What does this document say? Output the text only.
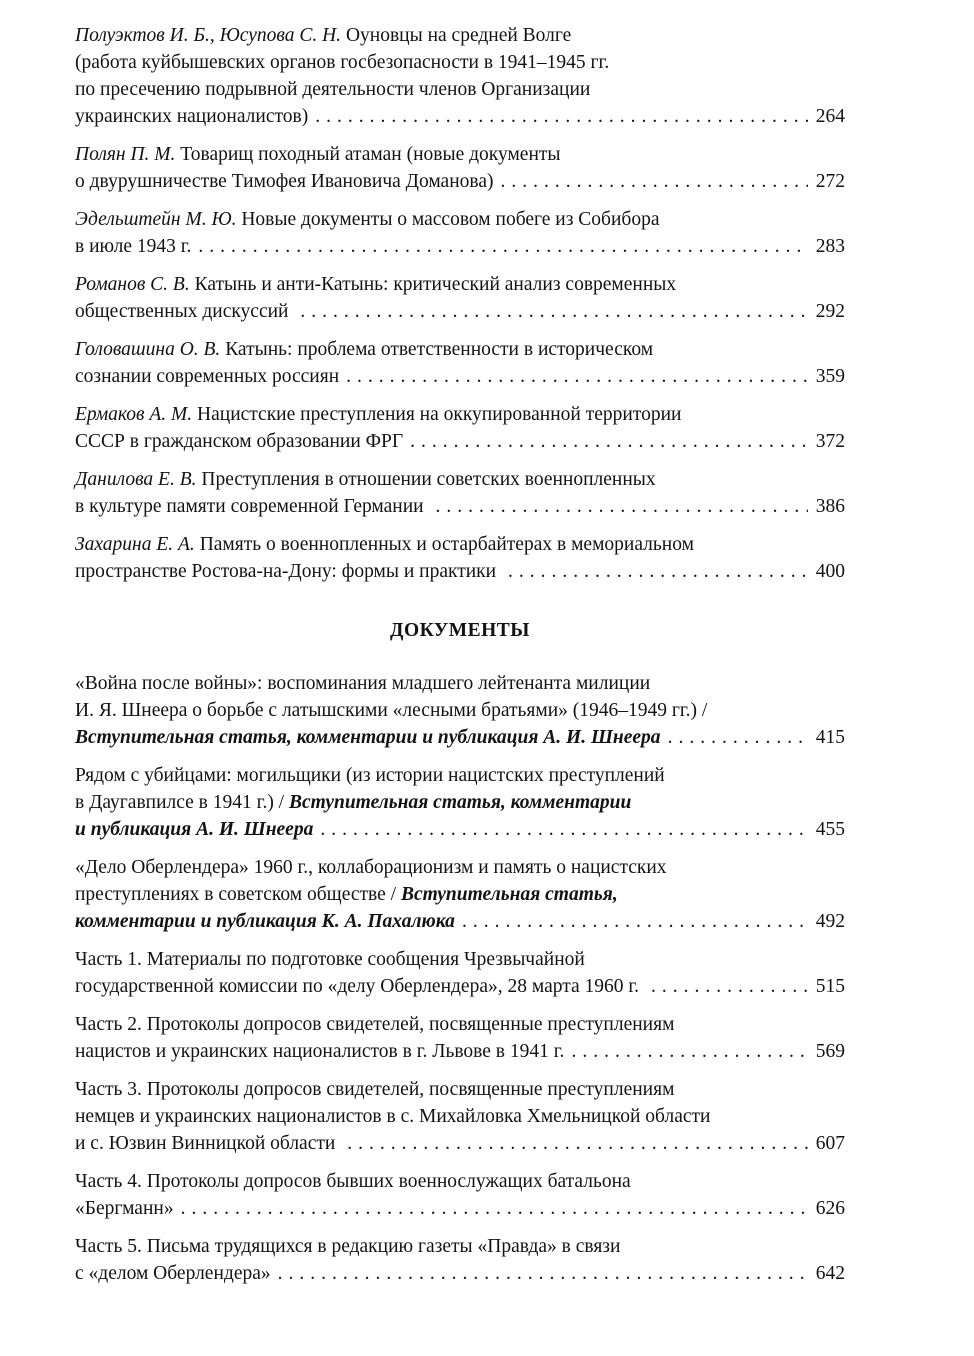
Полуэктов И. Б., Юсупова С. Н. Оуновцы на средней Волге
(работа куйбышевских органов госбезопасности в 1941–1945 гг.
по пресечению подрывной деятельности членов Организации
украинских националистов) .....	264
Полян П. М. Товарищ походный атаман (новые документы
о двурушничестве Тимофея Ивановича Доманова) .....	272
Эдельштейн М. Ю. Новые документы о массовом побеге из Собибора
в июле 1943 г. .....	283
Романов С. В. Катынь и анти-Катынь: критический анализ современных
общественных дискуссий .....	292
Головашина О. В. Катынь: проблема ответственности в историческом
сознании современных россиян .....	359
Ермаков А. М. Нацистские преступления на оккупированной территории
СССР в гражданском образовании ФРГ .....	372
Данилова Е. В. Преступления в отношении советских военнопленных
в культуре памяти современной Германии .....	386
Захарина Е. А. Память о военнопленных и остарбайтерах в мемориальном
пространстве Ростова-на-Дону: формы и практики .....	400
ДОКУМЕНТЫ
«Война после войны»: воспоминания младшего лейтенанта милиции
И. Я. Шнеера о борьбе с латышскими «лесными братьями» (1946–1949 гг.) /
Вступительная статья, комментарии и публикация А. И. Шнеера .....	415
Рядом с убийцами: могильщики (из истории нацистских преступлений
в Даугавпилсе в 1941 г.) / Вступительная статья, комментарии
и публикация А. И. Шнеера .....	455
«Дело Оберлендера» 1960 г., коллаборационизм и память о нацистских
преступлениях в советском обществе / Вступительная статья,
комментарии и публикация К. А. Пахалюка .....	492
Часть 1. Материалы по подготовке сообщения Чрезвычайной
государственной комиссии по «делу Оберлендера», 28 марта 1960 г. .....	515
Часть 2. Протоколы допросов свидетелей, посвященные преступлениям
нацистов и украинских националистов в г. Львове в 1941 г. .....	569
Часть 3. Протоколы допросов свидетелей, посвященные преступлениям
немцев и украинских националистов в с. Михайловка Хмельницкой области
и с. Юзвин Винницкой области .....	607
Часть 4. Протоколы допросов бывших военнослужащих батальона
«Бергманн» .....	626
Часть 5. Письма трудящихся в редакцию газеты «Правда» в связи
с «делом Оберлендера» .....	642
